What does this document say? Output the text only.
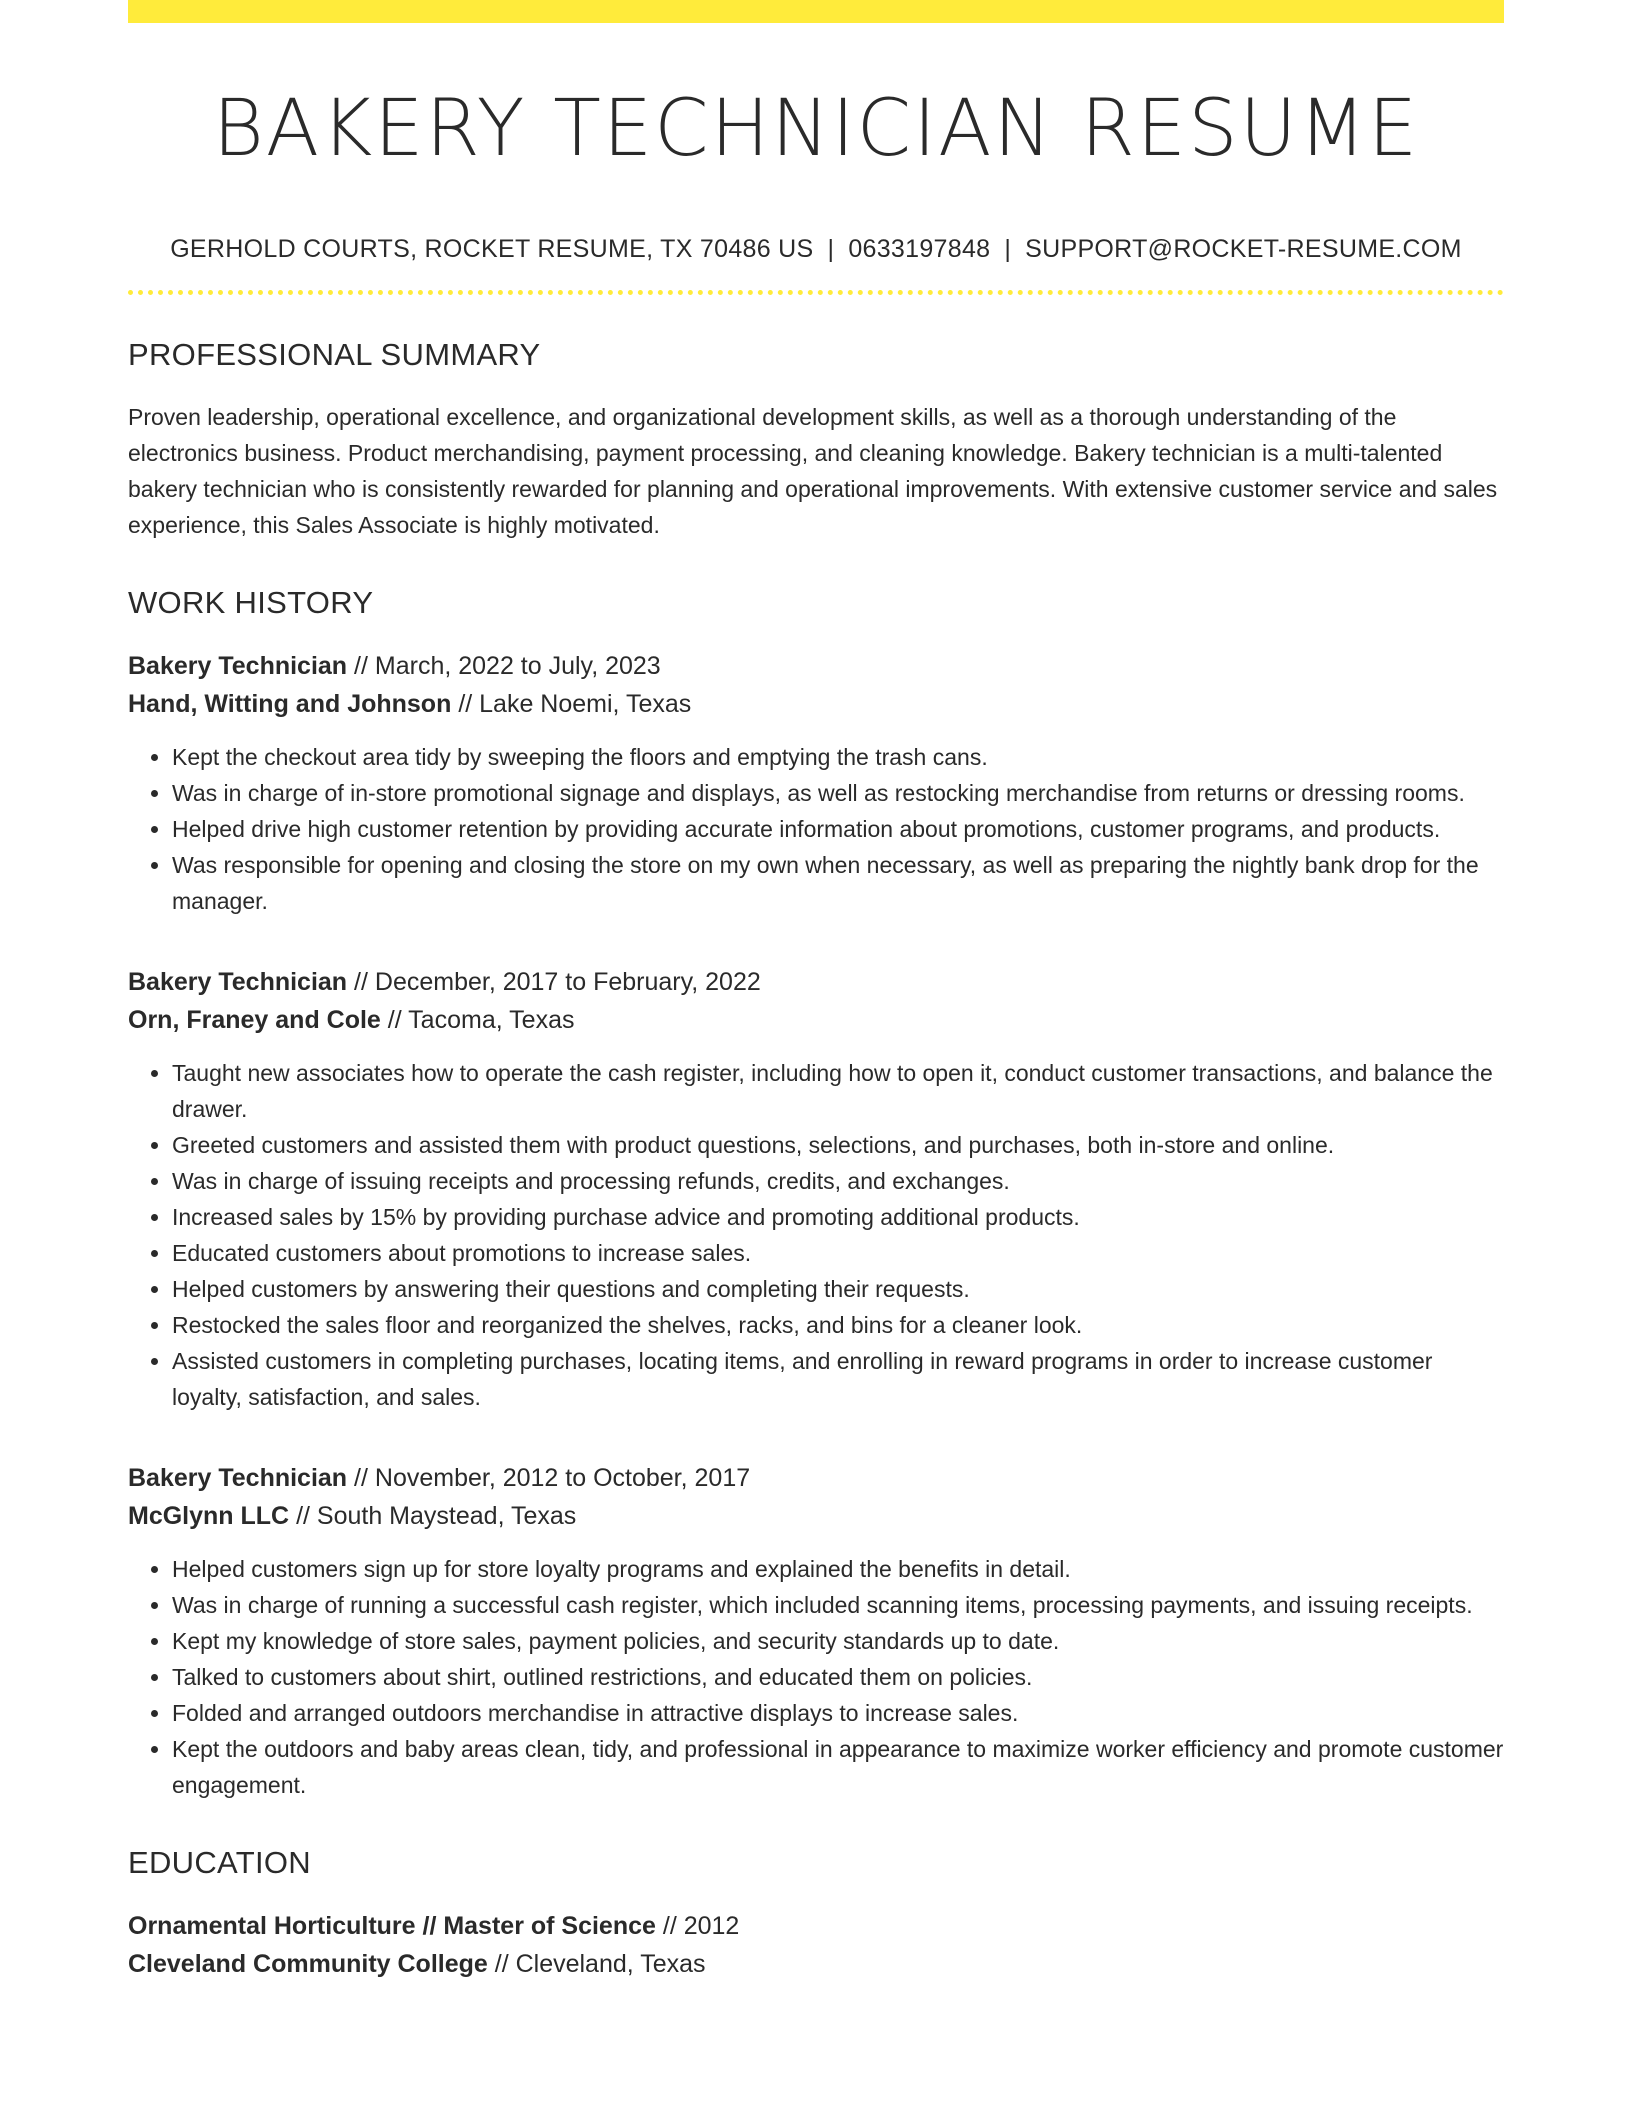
BAKERY TECHNICIAN RESUME
GERHOLD COURTS, ROCKET RESUME, TX 70486 US | 0633197848 | SUPPORT@ROCKET-RESUME.COM
PROFESSIONAL SUMMARY

Proven leadership, operational excellence, and organizational development skills, as well as a thorough understanding of the electronics business. Product merchandising, payment processing, and cleaning knowledge. Bakery technician is a multi-talented bakery technician who is consistently rewarded for planning and operational improvements. With extensive customer service and sales experience, this Sales Associate is highly motivated.

WORK HISTORY
Bakery Technician // March, 2022 to July, 2023
Hand, Witting and Johnson // Lake Noemi, Texas
• Kept the checkout area tidy by sweeping the floors and emptying the trash cans.
• Was in charge of in-store promotional signage and displays, as well as restocking merchandise from returns or dressing rooms.
• Helped drive high customer retention by providing accurate information about promotions, customer programs, and products.
• Was responsible for opening and closing the store on my own when necessary, as well as preparing the nightly bank drop for the manager.
Bakery Technician // December, 2017 to February, 2022
Orn, Franey and Cole // Tacoma, Texas
• Taught new associates how to operate the cash register, including how to open it, conduct customer transactions, and balance the drawer.
• Greeted customers and assisted them with product questions, selections, and purchases, both in-store and online.
• Was in charge of issuing receipts and processing refunds, credits, and exchanges.
• Increased sales by 15% by providing purchase advice and promoting additional products.
• Educated customers about promotions to increase sales.
• Helped customers by answering their questions and completing their requests.
• Restocked the sales floor and reorganized the shelves, racks, and bins for a cleaner look.
• Assisted customers in completing purchases, locating items, and enrolling in reward programs in order to increase customer loyalty, satisfaction, and sales.
Bakery Technician // November, 2012 to October, 2017
McGlynn LLC // South Maystead, Texas
• Helped customers sign up for store loyalty programs and explained the benefits in detail.
• Was in charge of running a successful cash register, which included scanning items, processing payments, and issuing receipts.
• Kept my knowledge of store sales, payment policies, and security standards up to date.
• Talked to customers about shirt, outlined restrictions, and educated them on policies.
• Folded and arranged outdoors merchandise in attractive displays to increase sales.
• Kept the outdoors and baby areas clean, tidy, and professional in appearance to maximize worker efficiency and promote customer engagement.
EDUCATION
Ornamental Horticulture // Master of Science // 2012
Cleveland Community College // Cleveland, Texas
